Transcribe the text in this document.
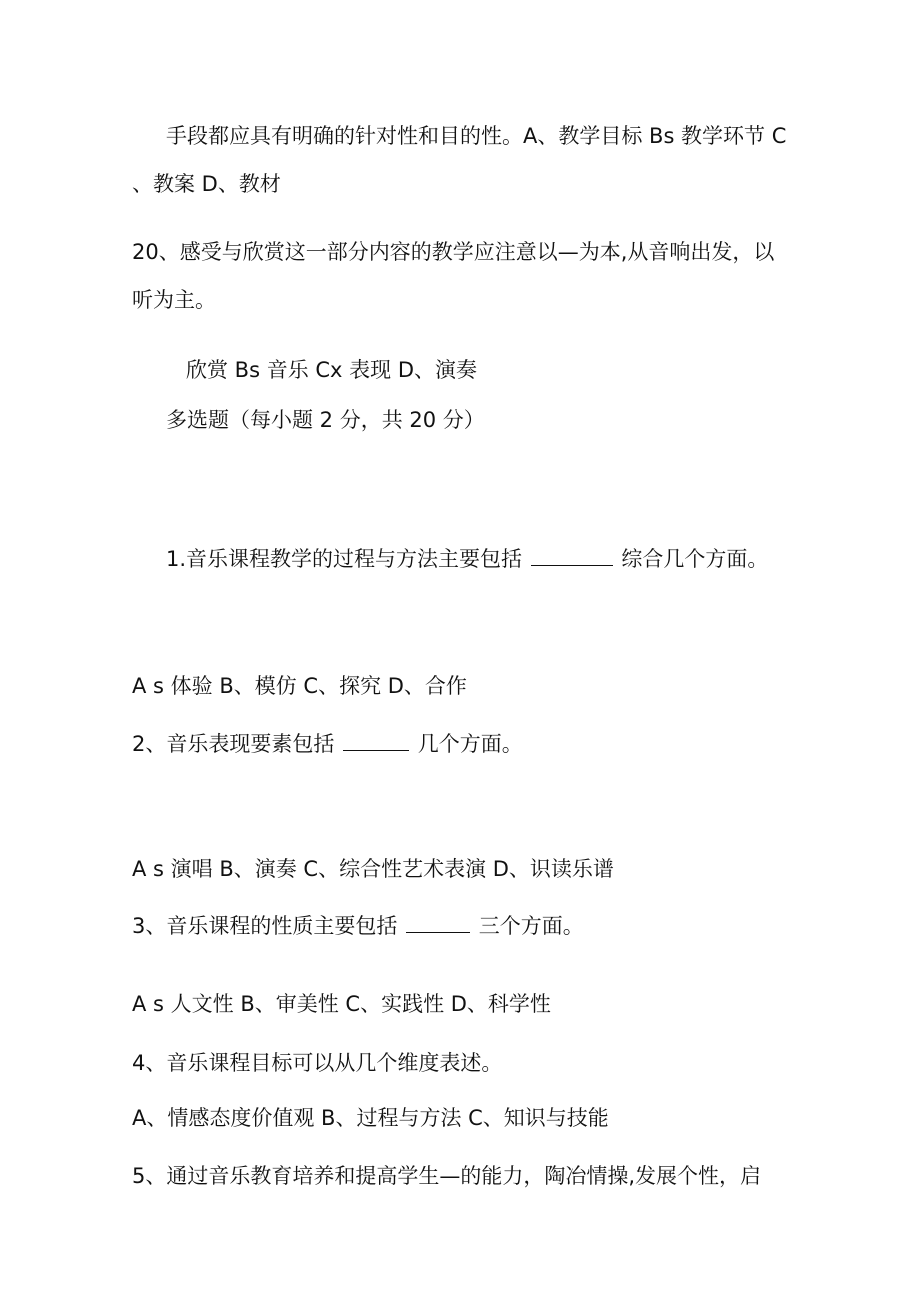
手段都应具有明确的针对性和目的性。A、教学目标 Bs 教学环节 C
、教案 D、教材
20、感受与欣赏这一部分内容的教学应注意以—为本,从音响出发，以
听为主。
欣赏 Bs 音乐 Cx 表现 D、演奏
多选题（每小题 2 分，共 20 分）
1.音乐课程教学的过程与方法主要包括	综合几个方面。
A s 体验 B、模仿 C、探究 D、合作
2、音乐表现要素包括	几个方面。
A s 演唱 B、演奏 C、综合性艺术表演 D、识读乐谱
3、音乐课程的性质主要包括	三个方面。
A s 人文性 B、审美性 C、实践性 D、科学性
4、音乐课程目标可以从几个维度表述。
A、情感态度价值观 B、过程与方法 C、知识与技能
5、通过音乐教育培养和提高学生—的能力，陶冶情操,发展个性，启
